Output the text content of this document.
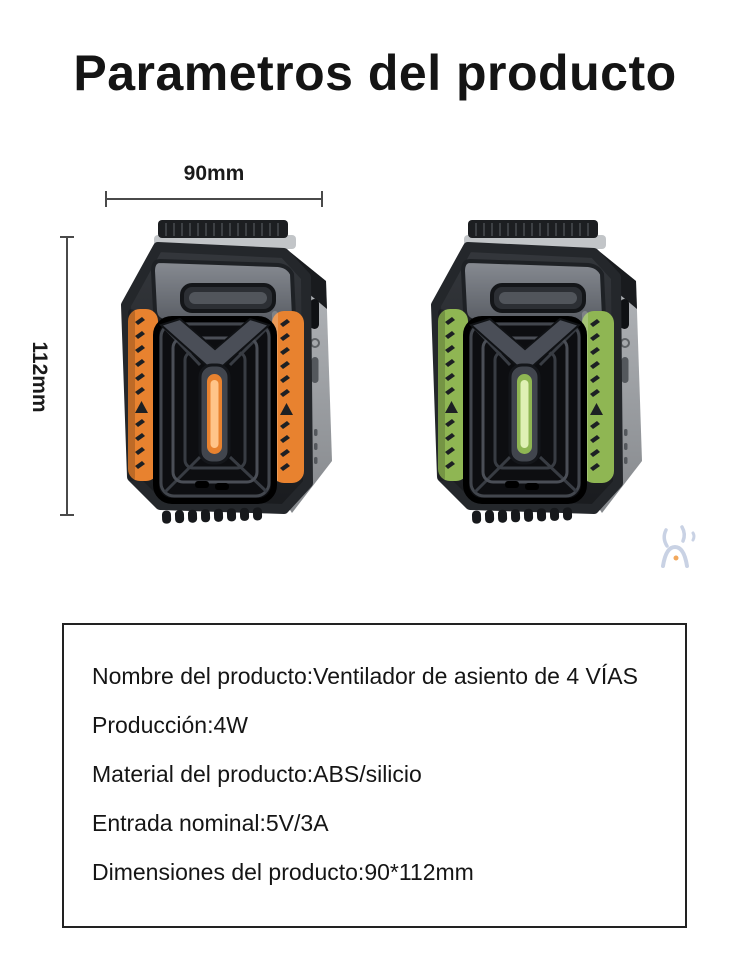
Parametros del producto
90mm
112mm
Nombre del producto:Ventilador de asiento de 4 VÍAS
Producción:4W
Material del producto:ABS/silicio
Entrada nominal:5V/3A
Dimensiones del producto:90*112mm
